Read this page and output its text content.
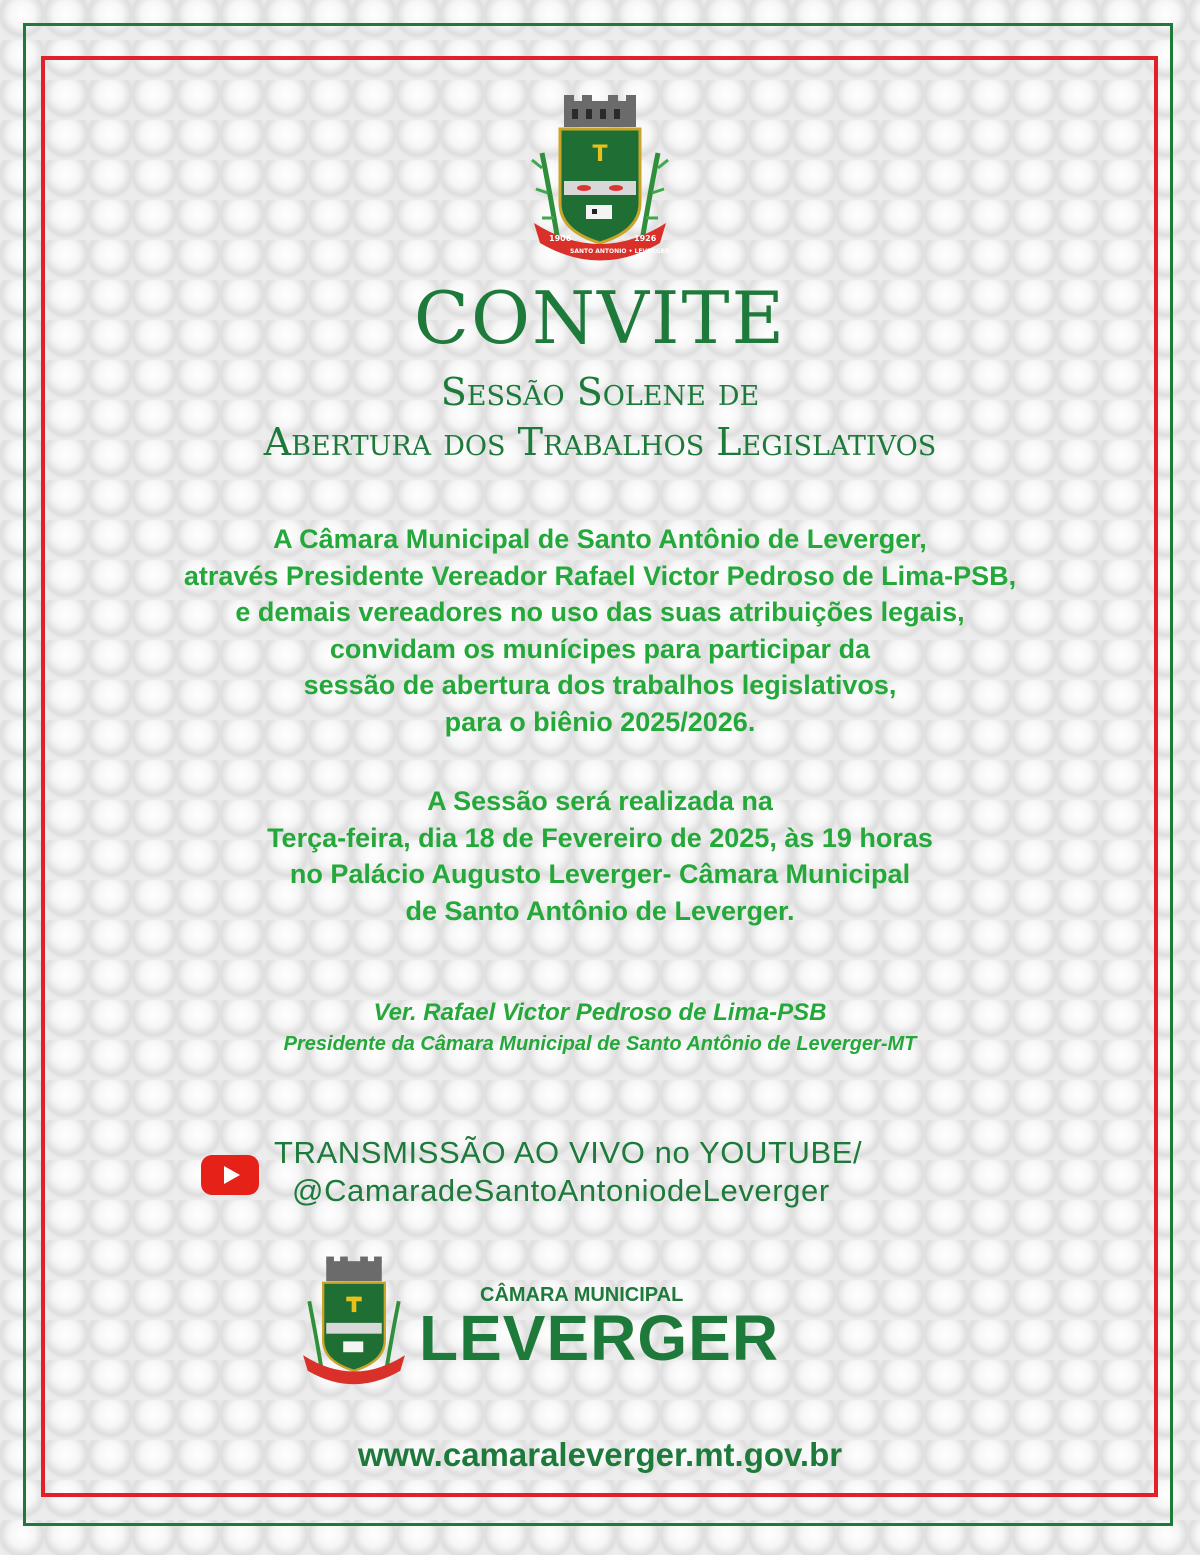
1906
SANTO ANTONIO • LEVERGER
1926
T
CONVITE
Sessão Solene de
Abertura dos Trabalhos Legislativos
A Câmara Municipal de Santo Antônio de Leverger,
através Presidente Vereador Rafael Victor Pedroso de Lima-PSB,
e demais vereadores no uso das suas atribuições legais,
convidam os munícipes para participar da
sessão de abertura dos trabalhos legislativos,
para o biênio 2025/2026.
A Sessão será realizada na
Terça-feira, dia 18 de Fevereiro de 2025, às 19 horas
no Palácio Augusto Leverger- Câmara Municipal
de Santo Antônio de Leverger.
Ver. Rafael Victor Pedroso de Lima-PSB
Presidente da Câmara Municipal de Santo Antônio de Leverger-MT
TRANSMISSÃO AO VIVO no YOUTUBE/
@CamaradeSantoAntoniodeLeverger
CÂMARA MUNICIPAL
LEVERGER
www.camaraleverger.mt.gov.br
